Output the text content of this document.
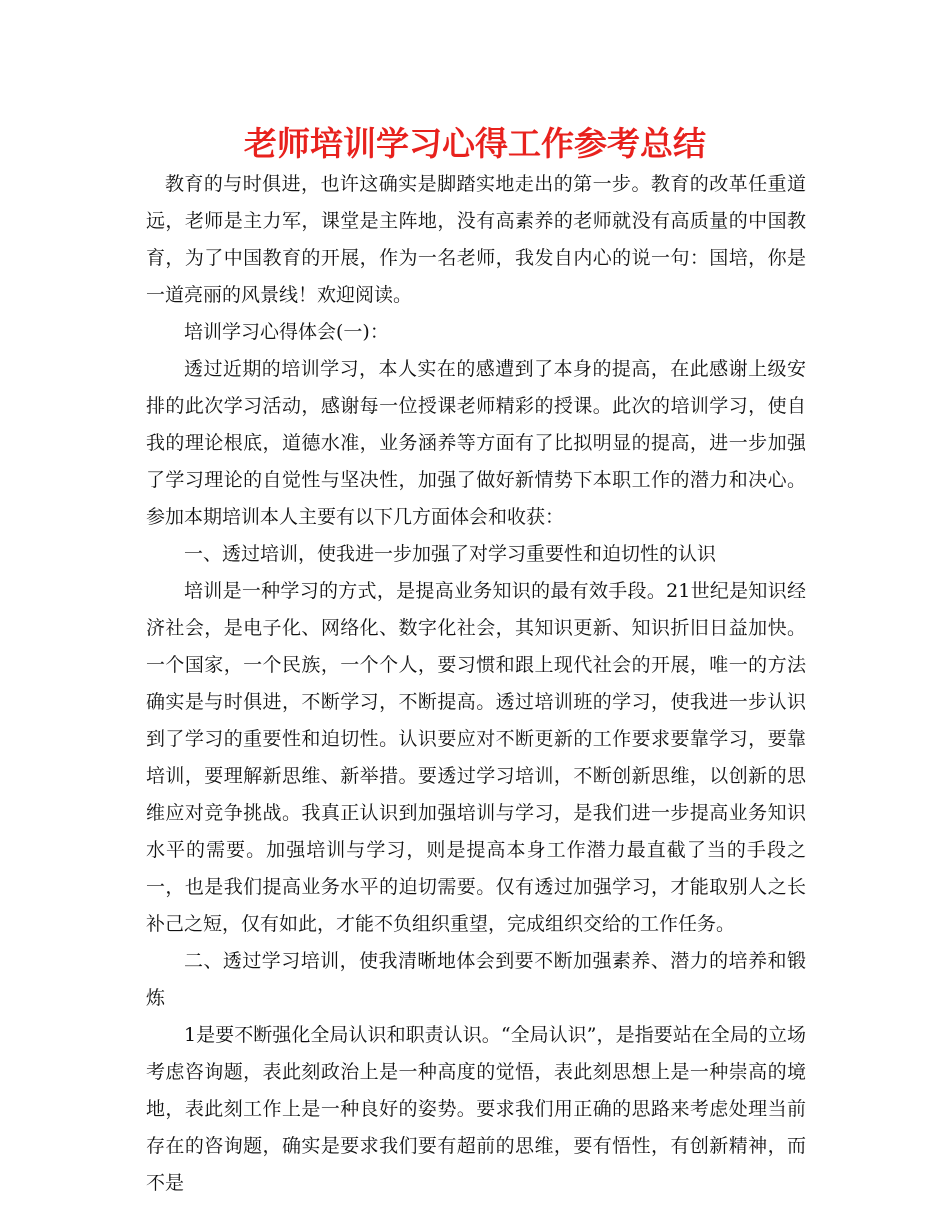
老师培训学习心得工作参考总结

教育的与时俱进，也许这确实是脚踏实地走出的第一步。教育的改革任重道远，老师是主力军，课堂是主阵地，没有高素养的老师就没有高质量的中国教育，为了中国教育的开展，作为一名老师，我发自内心的说一句：国培，你是一道亮丽的风景线！欢迎阅读。

培训学习心得体会(一)：

透过近期的培训学习，本人实在的感遭到了本身的提高，在此感谢上级安排的此次学习活动，感谢每一位授课老师精彩的授课。此次的培训学习，使自我的理论根底，道德水准，业务涵养等方面有了比拟明显的提高，进一步加强了学习理论的自觉性与坚决性，加强了做好新情势下本职工作的潜力和决心。参加本期培训本人主要有以下几方面体会和收获：

一、透过培训，使我进一步加强了对学习重要性和迫切性的认识

培训是一种学习的方式，是提高业务知识的最有效手段。21世纪是知识经济社会，是电子化、网络化、数字化社会，其知识更新、知识折旧日益加快。一个国家，一个民族，一个个人，要习惯和跟上现代社会的开展，唯一的方法确实是与时俱进，不断学习，不断提高。透过培训班的学习，使我进一步认识到了学习的重要性和迫切性。认识要应对不断更新的工作要求要靠学习，要靠培训，要理解新思维、新举措。要透过学习培训，不断创新思维，以创新的思维应对竞争挑战。我真正认识到加强培训与学习，是我们进一步提高业务知识水平的需要。加强培训与学习，则是提高本身工作潜力最直截了当的手段之一，也是我们提高业务水平的迫切需要。仅有透过加强学习，才能取别人之长补己之短，仅有如此，才能不负组织重望，完成组织交给的工作任务。

二、透过学习培训，使我清晰地体会到要不断加强素养、潜力的培养和锻炼

1是要不断强化全局认识和职责认识。“全局认识”，是指要站在全局的立场考虑咨询题，表此刻政治上是一种高度的觉悟，表此刻思想上是一种崇高的境地，表此刻工作上是一种良好的姿势。要求我们用正确的思路来考虑处理当前存在的咨询题，确实是要求我们要有超前的思维，要有悟性，有创新精神，而不是
